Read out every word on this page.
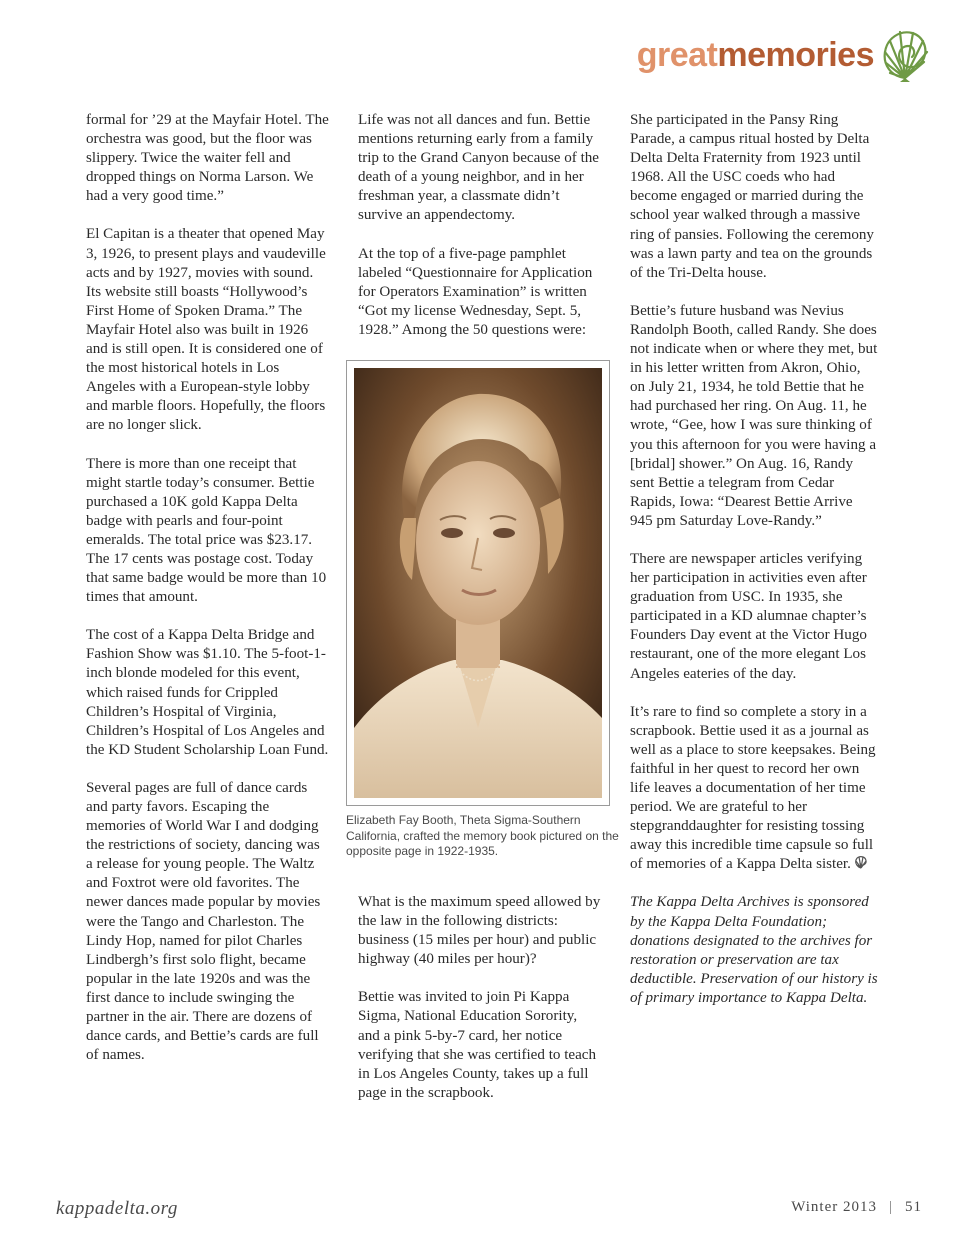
greatmemories

formal for ’29 at the Mayfair Hotel. The orchestra was good, but the floor was slippery. Twice the waiter fell and dropped things on Norma Larson. We had a very good time.”

El Capitan is a theater that opened May 3, 1926, to present plays and vaudeville acts and by 1927, movies with sound. Its website still boasts “Hollywood’s First Home of Spoken Drama.” The Mayfair Hotel also was built in 1926 and is still open. It is considered one of the most historical hotels in Los Angeles with a European-style lobby and marble floors. Hopefully, the floors are no longer slick.

There is more than one receipt that might startle today’s consumer. Bettie purchased a 10K gold Kappa Delta badge with pearls and four-point emeralds. The total price was $23.17. The 17 cents was postage cost. Today that same badge would be more than 10 times that amount.

The cost of a Kappa Delta Bridge and Fashion Show was $1.10. The 5-foot-1-inch blonde modeled for this event, which raised funds for Crippled Children’s Hospital of Virginia, Children’s Hospital of Los Angeles and the KD Student Scholarship Loan Fund.

Several pages are full of dance cards and party favors. Escaping the memories of World War I and dodging the restrictions of society, dancing was a release for young people. The Waltz and Foxtrot were old favorites. The newer dances made popular by movies were the Tango and Charleston. The Lindy Hop, named for pilot Charles Lindbergh’s first solo flight, became popular in the late 1920s and was the first dance to include swinging the partner in the air. There are dozens of dance cards, and Bettie’s cards are full of names.

Life was not all dances and fun. Bettie mentions returning early from a family trip to the Grand Canyon because of the death of a young neighbor, and in her freshman year, a classmate didn’t survive an appendectomy.

At the top of a five-page pamphlet labeled “Questionnaire for Application for Operators Examination” is written “Got my license Wednesday, Sept. 5, 1928.” Among the 50 questions were:

Elizabeth Fay Booth, Theta Sigma-Southern California, crafted the memory book pictured on the opposite page in 1922-1935.

What is the maximum speed allowed by the law in the following districts: business (15 miles per hour) and public highway (40 miles per hour)?

Bettie was invited to join Pi Kappa Sigma, National Education Sorority, and a pink 5-by-7 card, her notice verifying that she was certified to teach in Los Angeles County, takes up a full page in the scrapbook.

She participated in the Pansy Ring Parade, a campus ritual hosted by Delta Delta Delta Fraternity from 1923 until 1968. All the USC coeds who had become engaged or married during the school year walked through a massive ring of pansies. Following the ceremony was a lawn party and tea on the grounds of the Tri-Delta house.

Bettie’s future husband was Nevius Randolph Booth, called Randy. She does not indicate when or where they met, but in his letter written from Akron, Ohio, on July 21, 1934, he told Bettie that he had purchased her ring. On Aug. 11, he wrote, “Gee, how I was sure thinking of you this afternoon for you were having a [bridal] shower.” On Aug. 16, Randy sent Bettie a telegram from Cedar Rapids, Iowa: “Dearest Bettie Arrive 945 pm Saturday Love-Randy.”

There are newspaper articles verifying her participation in activities even after graduation from USC. In 1935, she participated in a KD alumnae chapter’s Founders Day event at the Victor Hugo restaurant, one of the more elegant Los Angeles eateries of the day.

It’s rare to find so complete a story in a scrapbook. Bettie used it as a journal as well as a place to store keepsakes. Being faithful in her quest to record her own life leaves a documentation of her time period. We are grateful to her stepgranddaughter for resisting tossing away this incredible time capsule so full of memories of a Kappa Delta sister.

The Kappa Delta Archives is sponsored by the Kappa Delta Foundation; donations designated to the archives for restoration or preservation are tax deductible. Preservation of our history is of primary importance to Kappa Delta.

kappadelta.org	Winter 2013 | 51
